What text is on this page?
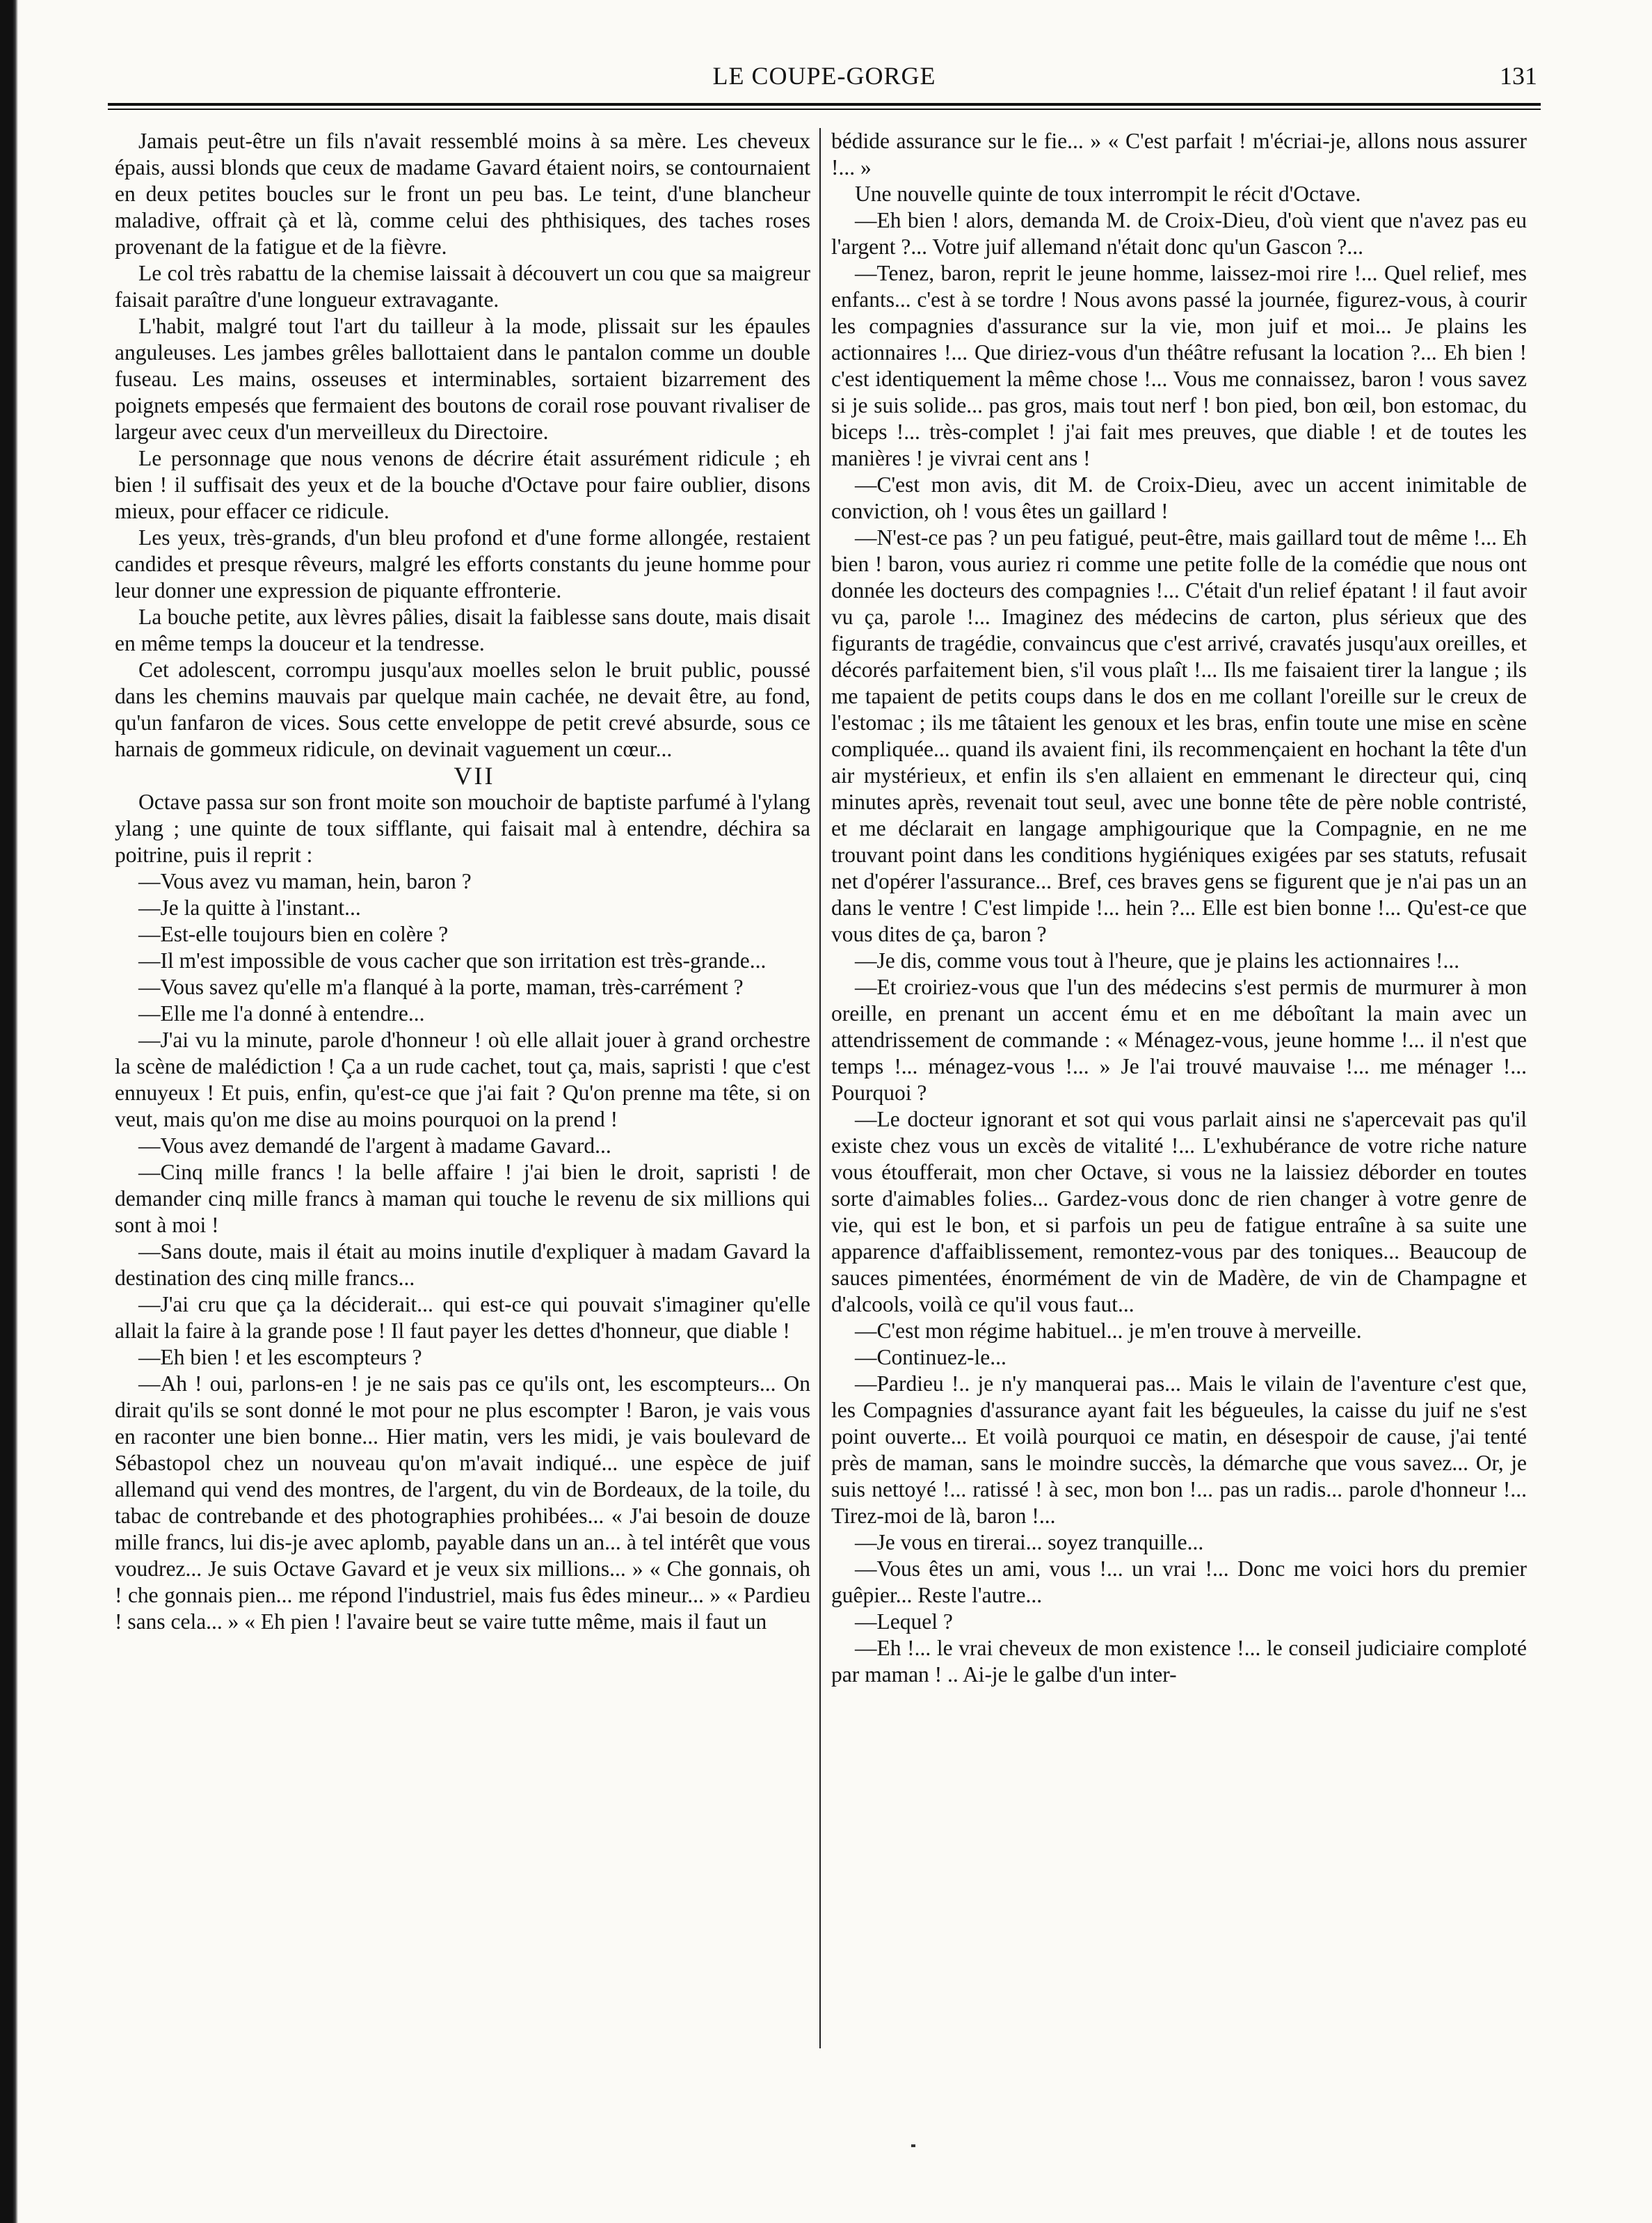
LE COUPE-GORGE	131

Jamais peut-être un fils n'avait ressemblé moins à sa mère. Les cheveux épais, aussi blonds que ceux de madame Gavard étaient noirs, se contournaient en deux petites boucles sur le front un peu bas. Le teint, d'une blancheur maladive, offrait çà et là, comme celui des phthisiques, des taches roses provenant de la fatigue et de la fièvre.

Le col très rabattu de la chemise laissait à découvert un cou que sa maigreur faisait paraître d'une longueur extravagante.

L'habit, malgré tout l'art du tailleur à la mode, plissait sur les épaules anguleuses. Les jambes grêles ballottaient dans le pantalon comme un double fuseau. Les mains, osseuses et interminables, sortaient bizarrement des poignets empesés que fermaient des boutons de corail rose pouvant rivaliser de largeur avec ceux d'un merveilleux du Directoire.

Le personnage que nous venons de décrire était assurément ridicule ; eh bien ! il suffisait des yeux et de la bouche d'Octave pour faire oublier, disons mieux, pour effacer ce ridicule.

Les yeux, très-grands, d'un bleu profond et d'une forme allongée, restaient candides et presque rêveurs, malgré les efforts constants du jeune homme pour leur donner une expression de piquante effronterie.

La bouche petite, aux lèvres pâlies, disait la faiblesse sans doute, mais disait en même temps la douceur et la tendresse.

Cet adolescent, corrompu jusqu'aux moelles selon le bruit public, poussé dans les chemins mauvais par quelque main cachée, ne devait être, au fond, qu'un fanfaron de vices. Sous cette enveloppe de petit crevé absurde, sous ce harnais de gommeux ridicule, on devinait vaguement un cœur...

VII

Octave passa sur son front moite son mouchoir de baptiste parfumé à l'ylang ylang ; une quinte de toux sifflante, qui faisait mal à entendre, déchira sa poitrine, puis il reprit :

—Vous avez vu maman, hein, baron ?

—Je la quitte à l'instant...

—Est-elle toujours bien en colère ?

—Il m'est impossible de vous cacher que son irritation est très-grande...

—Vous savez qu'elle m'a flanqué à la porte, maman, très-carrément ?

—Elle me l'a donné à entendre...

—J'ai vu la minute, parole d'honneur ! où elle allait jouer à grand orchestre la scène de malédiction ! Ça a un rude cachet, tout ça, mais, sapristi ! que c'est ennuyeux ! Et puis, enfin, qu'est-ce que j'ai fait ? Qu'on prenne ma tête, si on veut, mais qu'on me dise au moins pourquoi on la prend !

—Vous avez demandé de l'argent à madame Gavard...

—Cinq mille francs ! la belle affaire ! j'ai bien le droit, sapristi ! de demander cinq mille francs à maman qui touche le revenu de six millions qui sont à moi !

—Sans doute, mais il était au moins inutile d'expliquer à madam Gavard la destination des cinq mille francs...

—J'ai cru que ça la déciderait... qui est-ce qui pouvait s'imaginer qu'elle allait la faire à la grande pose ! Il faut payer les dettes d'honneur, que diable !

—Eh bien ! et les escompteurs ?

—Ah ! oui, parlons-en ! je ne sais pas ce qu'ils ont, les escompteurs... On dirait qu'ils se sont donné le mot pour ne plus escompter ! Baron, je vais vous en raconter une bien bonne... Hier matin, vers les midi, je vais boulevard de Sébastopol chez un nouveau qu'on m'avait indiqué... une espèce de juif allemand qui vend des montres, de l'argent, du vin de Bordeaux, de la toile, du tabac de contrebande et des photographies prohibées... « J'ai besoin de douze mille francs, lui dis-je avec aplomb, payable dans un an... à tel intérêt que vous voudrez... Je suis Octave Gavard et je veux six millions... » « Che gonnais, oh ! che gonnais pien... me répond l'industriel, mais fus êdes mineur... » « Pardieu ! sans cela... » « Eh pien ! l'avaire beut se vaire tutte même, mais il faut un

bédide assurance sur le fie... » « C'est parfait ! m'écriai-je, allons nous assurer !... »

Une nouvelle quinte de toux interrompit le récit d'Octave.

—Eh bien ! alors, demanda M. de Croix-Dieu, d'où vient que n'avez pas eu l'argent ?... Votre juif allemand n'était donc qu'un Gascon ?...

—Tenez, baron, reprit le jeune homme, laissez-moi rire !... Quel relief, mes enfants... c'est à se tordre ! Nous avons passé la journée, figurez-vous, à courir les compagnies d'assurance sur la vie, mon juif et moi... Je plains les actionnaires !... Que diriez-vous d'un théâtre refusant la location ?... Eh bien ! c'est identiquement la même chose !... Vous me connaissez, baron ! vous savez si je suis solide... pas gros, mais tout nerf ! bon pied, bon œil, bon estomac, du biceps !... très-complet ! j'ai fait mes preuves, que diable ! et de toutes les manières ! je vivrai cent ans !

—C'est mon avis, dit M. de Croix-Dieu, avec un accent inimitable de conviction, oh ! vous êtes un gaillard !

—N'est-ce pas ? un peu fatigué, peut-être, mais gaillard tout de même !... Eh bien ! baron, vous auriez ri comme une petite folle de la comédie que nous ont donnée les docteurs des compagnies !... C'était d'un relief épatant ! il faut avoir vu ça, parole !... Imaginez des médecins de carton, plus sérieux que des figurants de tragédie, convaincus que c'est arrivé, cravatés jusqu'aux oreilles, et décorés parfaitement bien, s'il vous plaît !... Ils me faisaient tirer la langue ; ils me tapaient de petits coups dans le dos en me collant l'oreille sur le creux de l'estomac ; ils me tâtaient les genoux et les bras, enfin toute une mise en scène compliquée... quand ils avaient fini, ils recommençaient en hochant la tête d'un air mystérieux, et enfin ils s'en allaient en emmenant le directeur qui, cinq minutes après, revenait tout seul, avec une bonne tête de père noble contristé, et me déclarait en langage amphigourique que la Compagnie, en ne me trouvant point dans les conditions hygiéniques exigées par ses statuts, refusait net d'opérer l'assurance... Bref, ces braves gens se figurent que je n'ai pas un an dans le ventre ! C'est limpide !... hein ?... Elle est bien bonne !... Qu'est-ce que vous dites de ça, baron ?

—Je dis, comme vous tout à l'heure, que je plains les actionnaires !...

—Et croiriez-vous que l'un des médecins s'est permis de murmurer à mon oreille, en prenant un accent ému et en me déboîtant la main avec un attendrissement de commande : « Ménagez-vous, jeune homme !... il n'est que temps !... ménagez-vous !... » Je l'ai trouvé mauvaise !... me ménager !... Pourquoi ?

—Le docteur ignorant et sot qui vous parlait ainsi ne s'apercevait pas qu'il existe chez vous un excès de vitalité !... L'exhubérance de votre riche nature vous étoufferait, mon cher Octave, si vous ne la laissiez déborder en toutes sorte d'aimables folies... Gardez-vous donc de rien changer à votre genre de vie, qui est le bon, et si parfois un peu de fatigue entraîne à sa suite une apparence d'affaiblissement, remontez-vous par des toniques... Beaucoup de sauces pimentées, énormément de vin de Madère, de vin de Champagne et d'alcools, voilà ce qu'il vous faut...

—C'est mon régime habituel... je m'en trouve à merveille.

—Continuez-le...

—Pardieu !.. je n'y manquerai pas... Mais le vilain de l'aventure c'est que, les Compagnies d'assurance ayant fait les bégueules, la caisse du juif ne s'est point ouverte... Et voilà pourquoi ce matin, en désespoir de cause, j'ai tenté près de maman, sans le moindre succès, la démarche que vous savez... Or, je suis nettoyé !... ratissé ! à sec, mon bon !... pas un radis... parole d'honneur !... Tirez-moi de là, baron !...

—Je vous en tirerai... soyez tranquille...

—Vous êtes un ami, vous !... un vrai !... Donc me voici hors du premier guêpier... Reste l'autre...

—Lequel ?

—Eh !... le vrai cheveux de mon existence !... le conseil judiciaire comploté par maman ! .. Ai-je le galbe d'un inter-
